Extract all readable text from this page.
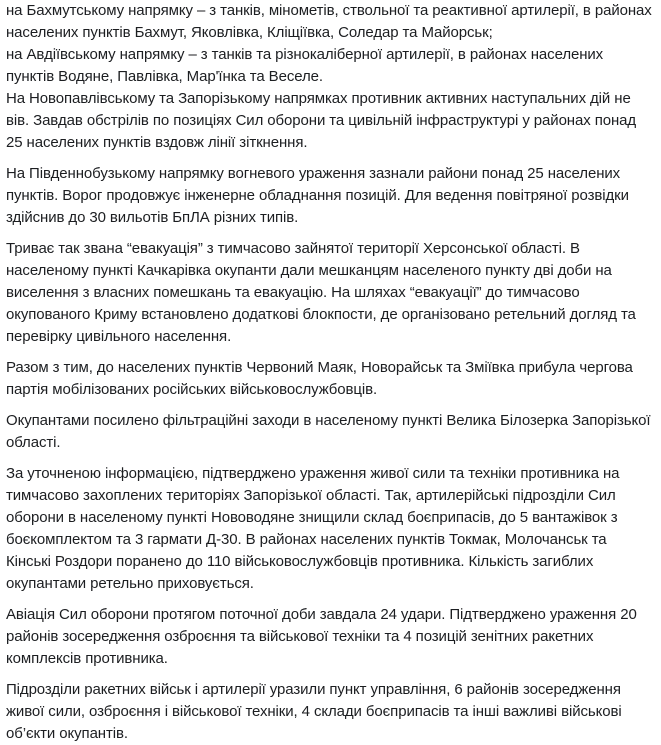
на Бахмутському напрямку – з танків, мінометів, ствольної та реактивної артилерії, в районах
населених пунктів Бахмут, Яковлівка, Кліщіївка, Соледар та Майорськ;
на Авдіївському напрямку – з танків та різнокаліберної артилерії, в районах населених
пунктів Водяне, Павлівка, Мар'їнка та Веселе.
На Новопавлівському та Запорізькому напрямках противник активних наступальних дій не
вів. Завдав обстрілів по позиціях Сил оборони та цивільній інфраструктурі у районах понад
25 населених пунктів вздовж лінії зіткнення.
На Південнобузькому напрямку вогневого ураження зазнали райони понад 25 населених
пунктів. Ворог продовжує інженерне обладнання позицій. Для ведення повітряної розвідки
здійснив до 30 вильотів БпЛА різних типів.
Триває так звана “евакуація” з тимчасово зайнятої території Херсонської області. В
населеному пункті Качкарівка окупанти дали мешканцям населеного пункту дві доби на
виселення з власних помешкань та евакуацію. На шляхах “евакуації” до тимчасово
окупованого Криму встановлено додаткові блокпости, де організовано ретельний догляд та
перевірку цивільного населення.
Разом з тим, до населених пунктів Червоний Маяк, Новорайськ та Зміївка прибула чергова
партія мобілізованих російських військовослужбовців.
Окупантами посилено фільтраційні заходи в населеному пункті Велика Білозерка Запорізької
області.
За уточненою інформацією, підтверджено ураження живої сили та техніки противника на
тимчасово захоплених територіях Запорізької області. Так, артилерійські підрозділи Сил
оборони в населеному пункті Нововодяне знищили склад боєприпасів, до 5 вантажівок з
боєкомплектом та 3 гармати Д-30. В районах населених пунктів Токмак, Молочанськ та
Кінські Роздори поранено до 110 військовослужбовців противника. Кількість загиблих
окупантами ретельно приховується.
Авіація Сил оборони протягом поточної доби завдала 24 удари. Підтверджено ураження 20
районів зосередження озброєння та військової техніки та 4 позицій зенітних ракетних
комплексів противника.
Підрозділи ракетних військ і артилерії уразили пункт управління, 6 районів зосередження
живої сили, озброєння і військової техніки, 4 склади боєприпасів та інші важливі військові
об’єкти окупантів.
